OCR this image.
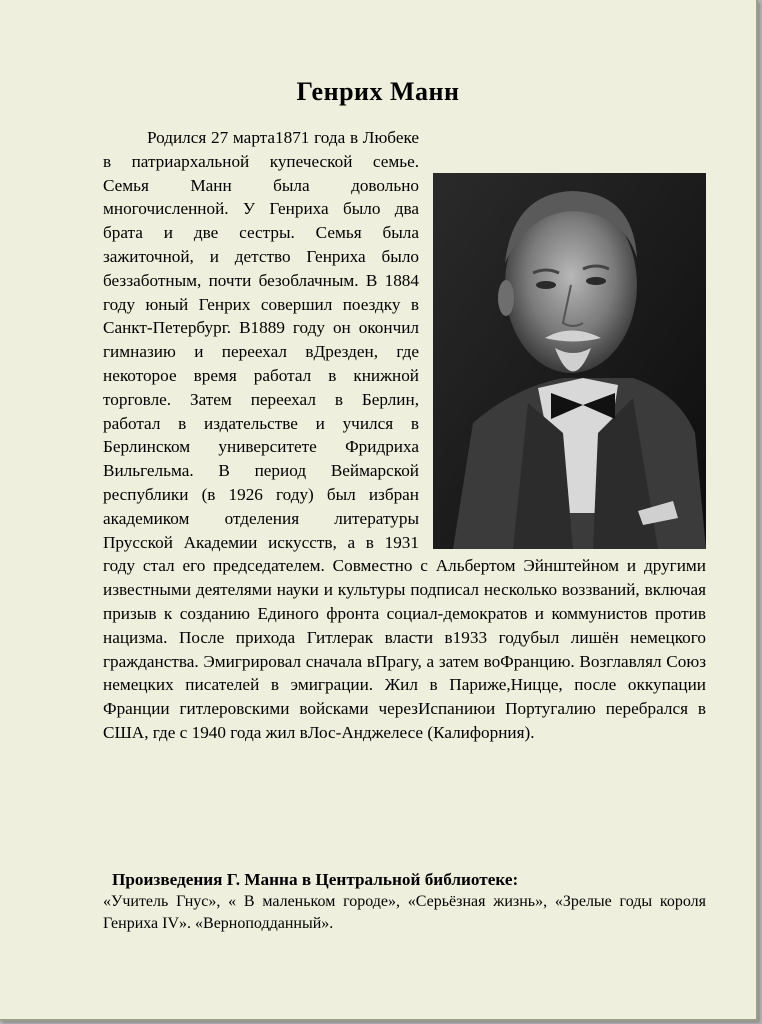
Генрих Манн
Родился 27 марта1871 года в Любеке в патриархальной купеческой семье. Семья Манн была довольно многочисленной. У Генриха было два брата и две сестры. Семья была зажиточной, и детство Генриха было беззаботным, почти безоблачным. В 1884 году юный Генрих совершил поездку в Санкт-Петербург. В1889 году он окончил гимназию и переехал вДрезден, где некоторое время работал в книжной торговле. Затем переехал в Берлин, работал в издательстве и учился в Берлинском университете Фридриха Вильгельма. В период Веймарской республики (в 1926 году) был избран академиком отделения литературы Прусской Академии искусств, а в 1931 году стал его председателем. Совместно с Альбертом Эйнштейном и другими известными деятелями науки и культуры подписал несколько воззваний, включая призыв к созданию Единого фронта социал-демократов и коммунистов против нацизма. После прихода Гитлерак власти в1933 годубыл лишён немецкого гражданства. Эмигрировал сначала вПрагу, а затем воФранцию. Возглавлял Союз немецких писателей в эмиграции. Жил в Париже,Ницце, после оккупации Франции гитлеровскими войсками черезИспаниюи Португалию перебрался в США, где с 1940 года жил вЛос-Анджелесе (Калифорния).

Произведения Г. Манна в Центральной библиотеке:

«Учитель Гнус», « В маленьком городе», «Серьёзная жизнь», «Зрелые годы короля Генриха IV». «Верноподданный».
